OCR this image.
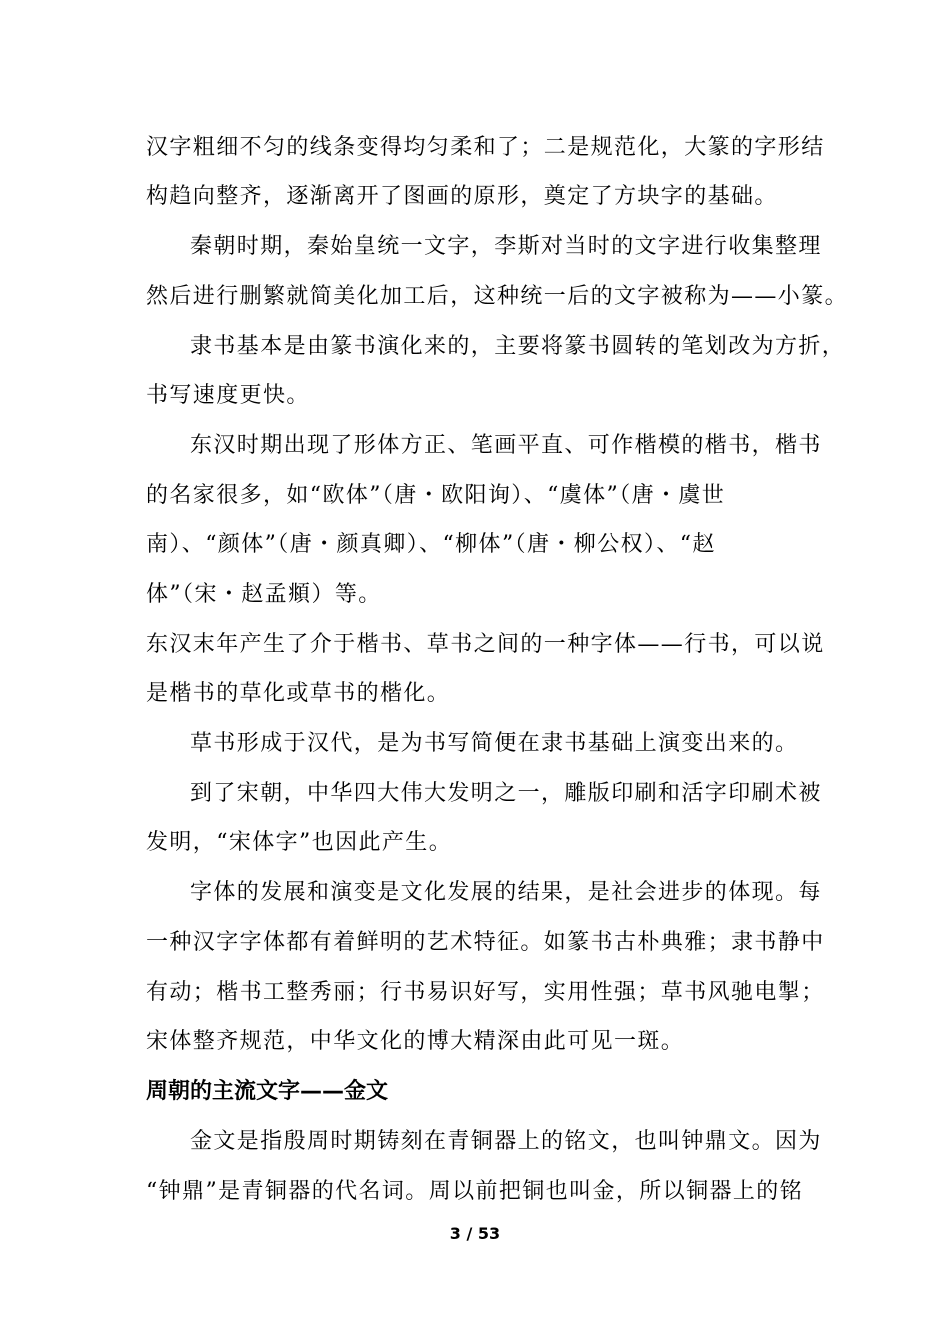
汉字粗细不匀的线条变得均匀柔和了；二是规范化，大篆的字形结
构趋向整齐，逐渐离开了图画的原形，奠定了方块字的基础。
秦朝时期，秦始皇统一文字，李斯对当时的文字进行收集整理
然后进行删繁就简美化加工后，这种统一后的文字被称为——小篆。
隶书基本是由篆书演化来的，主要将篆书圆转的笔划改为方折，
书写速度更快。
东汉时期出现了形体方正、笔画平直、可作楷模的楷书，楷书
的名家很多，如“欧体”（唐・欧阳询）、“虞体”（唐・虞世
南）、“颜体”（唐・颜真卿）、“柳体”（唐・柳公权）、“赵
体”（宋・赵孟頫）等。
东汉末年产生了介于楷书、草书之间的一种字体——行书，可以说
是楷书的草化或草书的楷化。
草书形成于汉代，是为书写简便在隶书基础上演变出来的。
到了宋朝，中华四大伟大发明之一，雕版印刷和活字印刷术被
发明，“宋体字”也因此产生。
字体的发展和演变是文化发展的结果，是社会进步的体现。每
一种汉字字体都有着鲜明的艺术特征。如篆书古朴典雅；隶书静中
有动；楷书工整秀丽；行书易识好写，实用性强；草书风驰电掣；
宋体整齐规范，中华文化的博大精深由此可见一斑。
周朝的主流文字——金文
金文是指殷周时期铸刻在青铜器上的铭文，也叫钟鼎文。因为
“钟鼎”是青铜器的代名词。周以前把铜也叫金，所以铜器上的铭
3 / 53
